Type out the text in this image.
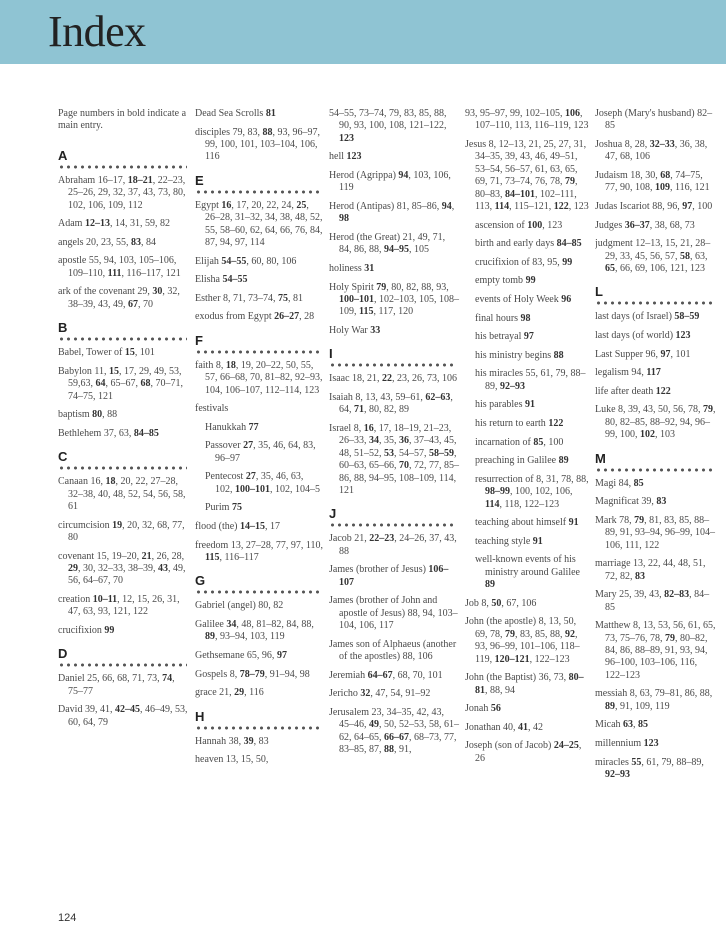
Index
Page numbers in bold indicate a main entry.
A
Abraham 16–17, 18–21, 22–23, 25–26, 29, 32, 37, 43, 73, 80, 102, 106, 109, 112
Adam 12–13, 14, 31, 59, 82
angels 20, 23, 55, 83, 84
apostle 55, 94, 103, 105–106, 109–110, 111, 116–117, 121
ark of the covenant 29, 30, 32, 38–39, 43, 49, 67, 70
B
Babel, Tower of 15, 101
Babylon 11, 15, 17, 29, 49, 53, 59,63, 64, 65–67, 68, 70–71, 74–75, 121
baptism 80, 88
Bethlehem 37, 63, 84–85
C
Canaan 16, 18, 20, 22, 27–28, 32–38, 40, 48, 52, 54, 56, 58, 61
circumcision 19, 20, 32, 68, 77, 80
covenant 15, 19–20, 21, 26, 28, 29, 30, 32–33, 38–39, 43, 49, 56, 64–67, 70
creation 10–11, 12, 15, 26, 31, 47, 63, 93, 121, 122
crucifixion 99
D
Daniel 25, 66, 68, 71, 73, 74, 75–77
David 39, 41, 42–45, 46–49, 53, 60, 64, 79
Dead Sea Scrolls 81
disciples 79, 83, 88, 93, 96–97, 99, 100, 101, 103–104, 106, 116
E
Egypt 16, 17, 20, 22, 24, 25, 26–28, 31–32, 34, 38, 48, 52, 55, 58–60, 62, 64, 66, 76, 84, 87, 94, 97, 114
Elijah 54–55, 60, 80, 106
Elisha 54–55
Esther 8, 71, 73–74, 75, 81
exodus from Egypt 26–27, 28
F
faith 8, 18, 19, 20–22, 50, 55, 57, 66–68, 70, 81–82, 92–93, 104, 106–107, 112–114, 123
festivals
Hanukkah 77
Passover 27, 35, 46, 64, 83, 96–97
Pentecost 27, 35, 46, 63, 102, 100–101, 102, 104–5
Purim 75
flood (the) 14–15, 17
freedom 13, 27–28, 77, 97, 110, 115, 116–117
G
Gabriel (angel) 80, 82
Galilee 34, 48, 81–82, 84, 88, 89, 93–94, 103, 119
Gethsemane 65, 96, 97
Gospels 8, 78–79, 91–94, 98
grace 21, 29, 116
H
Hannah 38, 39, 83
heaven 13, 15, 50,
54–55, 73–74, 79, 83, 85, 88, 90, 93, 100, 108, 121–122, 123
hell 123
Herod (Agrippa) 94, 103, 106, 119
Herod (Antipas) 81, 85–86, 94, 98
Herod (the Great) 21, 49, 71, 84, 86, 88, 94–95, 105
holiness 31
Holy Spirit 79, 80, 82, 88, 93, 100–101, 102–103, 105, 108–109, 115, 117, 120
Holy War 33
I
Isaac 18, 21, 22, 23, 26, 73, 106
Isaiah 8, 13, 43, 59–61, 62–63, 64, 71, 80, 82, 89
Israel 8, 16, 17, 18–19, 21–23, 26–33, 34, 35, 36, 37–43, 45, 48, 51–52, 53, 54–57, 58–59, 60–63, 65–66, 70, 72, 77, 85–86, 88, 94–95, 108–109, 114, 121
J
Jacob 21, 22–23, 24–26, 37, 43, 88
James (brother of Jesus) 106–107
James (brother of John and apostle of Jesus) 88, 94, 103–104, 106, 117
James son of Alphaeus (another of the apostles) 88, 106
Jeremiah 64–67, 68, 70, 101
Jericho 32, 47, 54, 91–92
Jerusalem 23, 34–35, 42, 43, 45–46, 49, 50, 52–53, 58, 61–62, 64–65, 66–67, 68–73, 77, 83–85, 87, 88, 91,
93, 95–97, 99, 102–105, 106, 107–110, 113, 116–119, 123
Jesus 8, 12–13, 21, 25, 27, 31, 34–35, 39, 43, 46, 49–51, 53–54, 56–57, 61, 63, 65, 69, 71, 73–74, 76, 78, 79, 80–83, 84–101, 102–111, 113, 114, 115–121, 122, 123
ascension of 100, 123
birth and early days 84–85
crucifixion of 83, 95, 99
empty tomb 99
events of Holy Week 96
final hours 98
his betrayal 97
his ministry begins 88
his miracles 55, 61, 79, 88–89, 92–93
his parables 91
his return to earth 122
incarnation of 85, 100
preaching in Galilee 89
resurrection of 8, 31, 78, 88, 98–99, 100, 102, 106, 114, 118, 122–123
teaching about himself 91
teaching style 91
well-known events of his ministry around Galilee 89
Job 8, 50, 67, 106
John (the apostle) 8, 13, 50, 69, 78, 79, 83, 85, 88, 92, 93, 96–99, 101–106, 118–119, 120–121, 122–123
John (the Baptist) 36, 73, 80–81, 88, 94
Jonah 56
Jonathan 40, 41, 42
Joseph (son of Jacob) 24–25, 26
Joseph (Mary's husband) 82–85
Joshua 8, 28, 32–33, 36, 38, 47, 68, 106
Judaism 18, 30, 68, 74–75, 77, 90, 108, 109, 116, 121
Judas Iscariot 88, 96, 97, 100
Judges 36–37, 38, 68, 73
judgment 12–13, 15, 21, 28–29, 33, 45, 56, 57, 58, 63, 65, 66, 69, 106, 121, 123
L
last days (of Israel) 58–59
last days (of world) 123
Last Supper 96, 97, 101
legalism 94, 117
life after death 122
Luke 8, 39, 43, 50, 56, 78, 79, 80, 82–85, 88–92, 94, 96–99, 100, 102, 103
M
Magi 84, 85
Magnificat 39, 83
Mark 78, 79, 81, 83, 85, 88–89, 91, 93–94, 96–99, 104–106, 111, 122
marriage 13, 22, 44, 48, 51, 72, 82, 83
Mary 25, 39, 43, 82–83, 84–85
Matthew 8, 13, 53, 56, 61, 65, 73, 75–76, 78, 79, 80–82, 84, 86, 88–89, 91, 93, 94, 96–100, 103–106, 116, 122–123
messiah 8, 63, 79–81, 86, 88, 89, 91, 109, 119
Micah 63, 85
millennium 123
miracles 55, 61, 79, 88–89, 92–93
124
